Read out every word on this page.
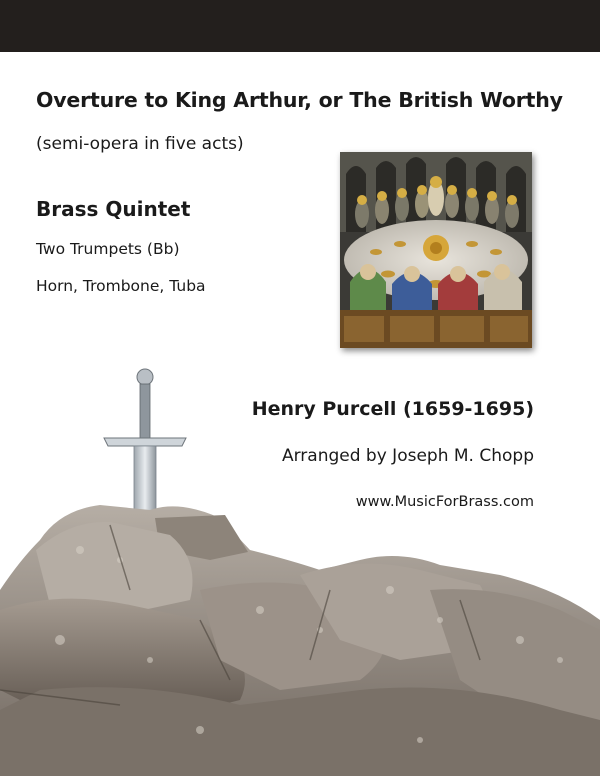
Overture to King Arthur, or The British Worthy
(semi-opera in five acts)
Brass Quintet
Two Trumpets (Bb)
Horn, Trombone, Tuba
Henry Purcell (1659-1695)
Arranged by Joseph M. Chopp
www.MusicForBrass.com
